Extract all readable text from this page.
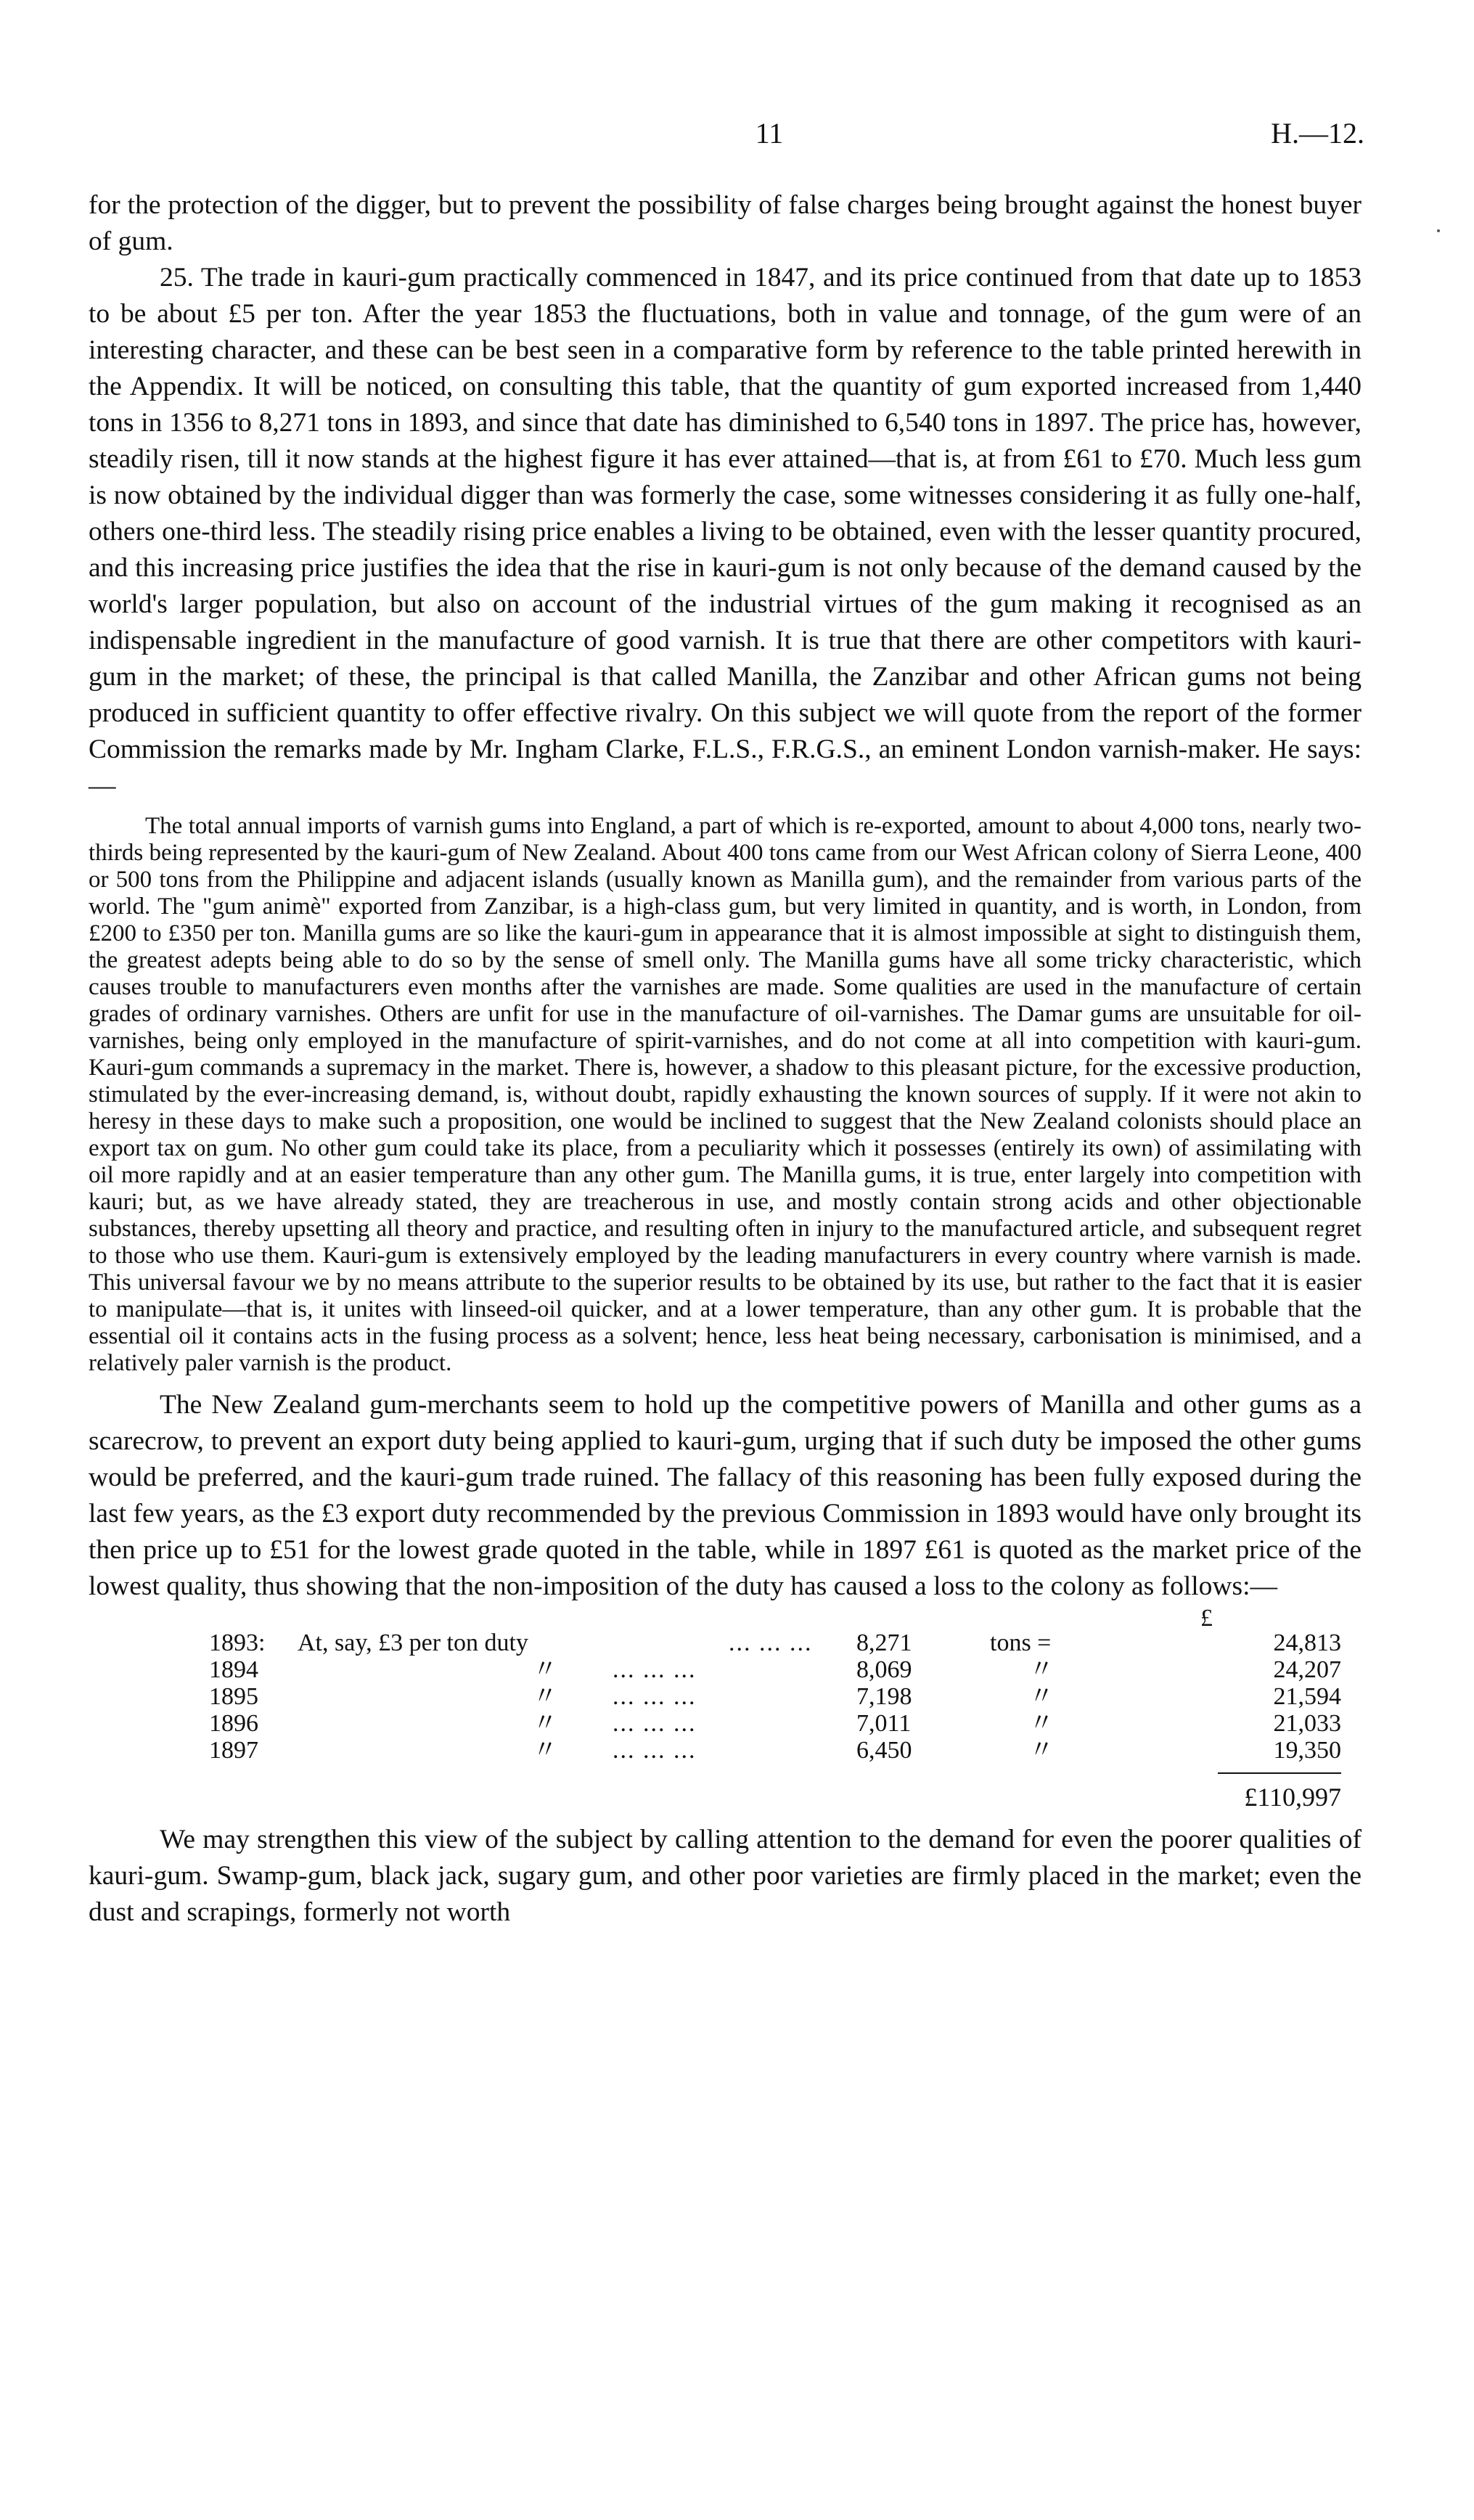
11	H.—12.

for the protection of the digger, but to prevent the possibility of false charges being brought against the honest buyer of gum.

25. The trade in kauri-gum practically commenced in 1847, and its price continued from that date up to 1853 to be about £5 per ton. After the year 1853 the fluctuations, both in value and tonnage, of the gum were of an interesting character, and these can be best seen in a comparative form by reference to the table printed herewith in the Appendix. It will be noticed, on consulting this table, that the quantity of gum exported increased from 1,440 tons in 1356 to 8,271 tons in 1893, and since that date has diminished to 6,540 tons in 1897. The price has, however, steadily risen, till it now stands at the highest figure it has ever attained—that is, at from £61 to £70. Much less gum is now obtained by the individual digger than was formerly the case, some witnesses considering it as fully one-half, others one-third less. The steadily rising price enables a living to be obtained, even with the lesser quantity procured, and this increasing price justifies the idea that the rise in kauri-gum is not only because of the demand caused by the world's larger population, but also on account of the industrial virtues of the gum making it recognised as an indispensable ingredient in the manufacture of good varnish. It is true that there are other competitors with kauri-gum in the market; of these, the principal is that called Manilla, the Zanzibar and other African gums not being produced in sufficient quantity to offer effective rivalry. On this subject we will quote from the report of the former Commission the remarks made by Mr. Ingham Clarke, F.L.S., F.R.G.S., an eminent London varnish-maker. He says:—

The total annual imports of varnish gums into England, a part of which is re-exported, amount to about 4,000 tons, nearly two-thirds being represented by the kauri-gum of New Zealand. About 400 tons came from our West African colony of Sierra Leone, 400 or 500 tons from the Philippine and adjacent islands (usually known as Manilla gum), and the remainder from various parts of the world. The "gum animè" exported from Zanzibar, is a high-class gum, but very limited in quantity, and is worth, in London, from £200 to £350 per ton. Manilla gums are so like the kauri-gum in appearance that it is almost impossible at sight to distinguish them, the greatest adepts being able to do so by the sense of smell only. The Manilla gums have all some tricky characteristic, which causes trouble to manufacturers even months after the varnishes are made. Some qualities are used in the manufacture of certain grades of ordinary varnishes. Others are unfit for use in the manufacture of oil-varnishes. The Damar gums are unsuitable for oil-varnishes, being only employed in the manufacture of spirit-varnishes, and do not come at all into competition with kauri-gum. Kauri-gum commands a supremacy in the market. There is, however, a shadow to this pleasant picture, for the excessive production, stimulated by the ever-increasing demand, is, without doubt, rapidly exhausting the known sources of supply. If it were not akin to heresy in these days to make such a proposition, one would be inclined to suggest that the New Zealand colonists should place an export tax on gum. No other gum could take its place, from a peculiarity which it possesses (entirely its own) of assimilating with oil more rapidly and at an easier temperature than any other gum. The Manilla gums, it is true, enter largely into competition with kauri; but, as we have already stated, they are treacherous in use, and mostly contain strong acids and other objectionable substances, thereby upsetting all theory and practice, and resulting often in injury to the manufactured article, and subsequent regret to those who use them. Kauri-gum is extensively employed by the leading manufacturers in every country where varnish is made. This universal favour we by no means attribute to the superior results to be obtained by its use, but rather to the fact that it is easier to manipulate—that is, it unites with linseed-oil quicker, and at a lower temperature, than any other gum. It is probable that the essential oil it contains acts in the fusing process as a solvent; hence, less heat being necessary, carbonisation is minimised, and a relatively paler varnish is the product.

The New Zealand gum-merchants seem to hold up the competitive powers of Manilla and other gums as a scarecrow, to prevent an export duty being applied to kauri-gum, urging that if such duty be imposed the other gums would be preferred, and the kauri-gum trade ruined. The fallacy of this reasoning has been fully exposed during the last few years, as the £3 export duty recommended by the previous Commission in 1893 would have only brought its then price up to £51 for the lowest grade quoted in the table, while in 1897 £61 is quoted as the market price of the lowest quality, thus showing that the non-imposition of the duty has caused a loss to the colony as follows:—

£
1893: At, say, £3 per ton duty	... ... ... 8,271	tons =	24,813
1894	〃 ... ... ...	8,069	〃	24,207
1895	〃 ... ... ...	7,198	〃	21,594
1896	〃 ... ... ...	7,011	〃	21,033
1897	〃 ... ... ...	6,450	〃	19,350
£110,997

We may strengthen this view of the subject by calling attention to the demand for even the poorer qualities of kauri-gum. Swamp-gum, black jack, sugary gum, and other poor varieties are firmly placed in the market; even the dust and scrapings, formerly not worth
